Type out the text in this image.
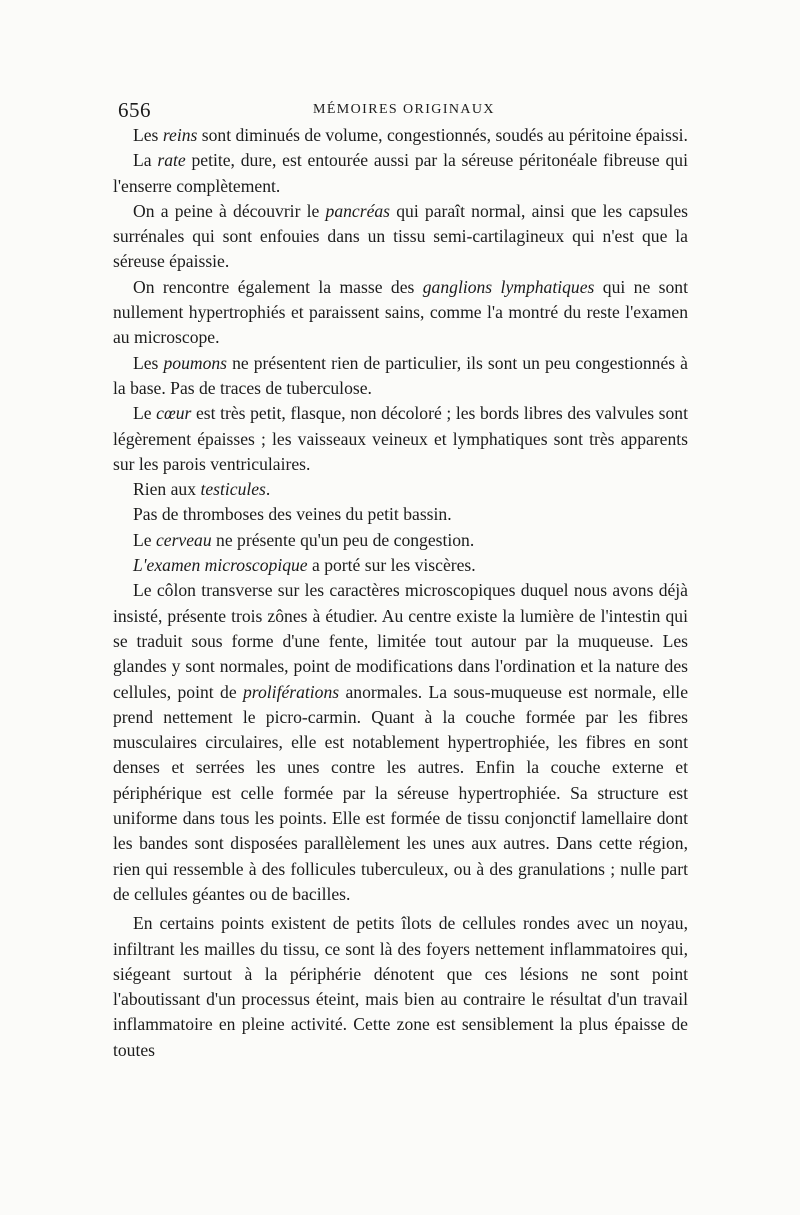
656	MÉMOIRES ORIGINAUX

Les reins sont diminués de volume, congestionnés, soudés au péritoine épaissi.

La rate petite, dure, est entourée aussi par la séreuse péritonéale fibreuse qui l'enserre complètement.

On a peine à découvrir le pancréas qui paraît normal, ainsi que les capsules surrénales qui sont enfouies dans un tissu semi-cartilagineux qui n'est que la séreuse épaissie.

On rencontre également la masse des ganglions lymphatiques qui ne sont nullement hypertrophiés et paraissent sains, comme l'a montré du reste l'examen au microscope.

Les poumons ne présentent rien de particulier, ils sont un peu congestionnés à la base. Pas de traces de tuberculose.

Le cœur est très petit, flasque, non décoloré ; les bords libres des valvules sont légèrement épaisses ; les vaisseaux veineux et lymphatiques sont très apparents sur les parois ventriculaires.

Rien aux testicules.

Pas de thromboses des veines du petit bassin.

Le cerveau ne présente qu'un peu de congestion.

L'examen microscopique a porté sur les viscères.

Le côlon transverse sur les caractères microscopiques duquel nous avons déjà insisté, présente trois zônes à étudier. Au centre existe la lumière de l'intestin qui se traduit sous forme d'une fente, limitée tout autour par la muqueuse. Les glandes y sont normales, point de modifications dans l'ordination et la nature des cellules, point de proliférations anormales. La sous-muqueuse est normale, elle prend nettement le picro-carmin. Quant à la couche formée par les fibres musculaires circulaires, elle est notablement hypertrophiée, les fibres en sont denses et serrées les unes contre les autres. Enfin la couche externe et périphérique est celle formée par la séreuse hypertrophiée. Sa structure est uniforme dans tous les points. Elle est formée de tissu conjonctif lamellaire dont les bandes sont disposées parallèlement les unes aux autres. Dans cette région, rien qui ressemble à des follicules tuberculeux, ou à des granulations ; nulle part de cellules géantes ou de bacilles.

En certains points existent de petits îlots de cellules rondes avec un noyau, infiltrant les mailles du tissu, ce sont là des foyers nettement inflammatoires qui, siégeant surtout à la périphérie dénotent que ces lésions ne sont point l'aboutissant d'un processus éteint, mais bien au contraire le résultat d'un travail inflammatoire en pleine activité. Cette zone est sensiblement la plus épaisse de toutes
